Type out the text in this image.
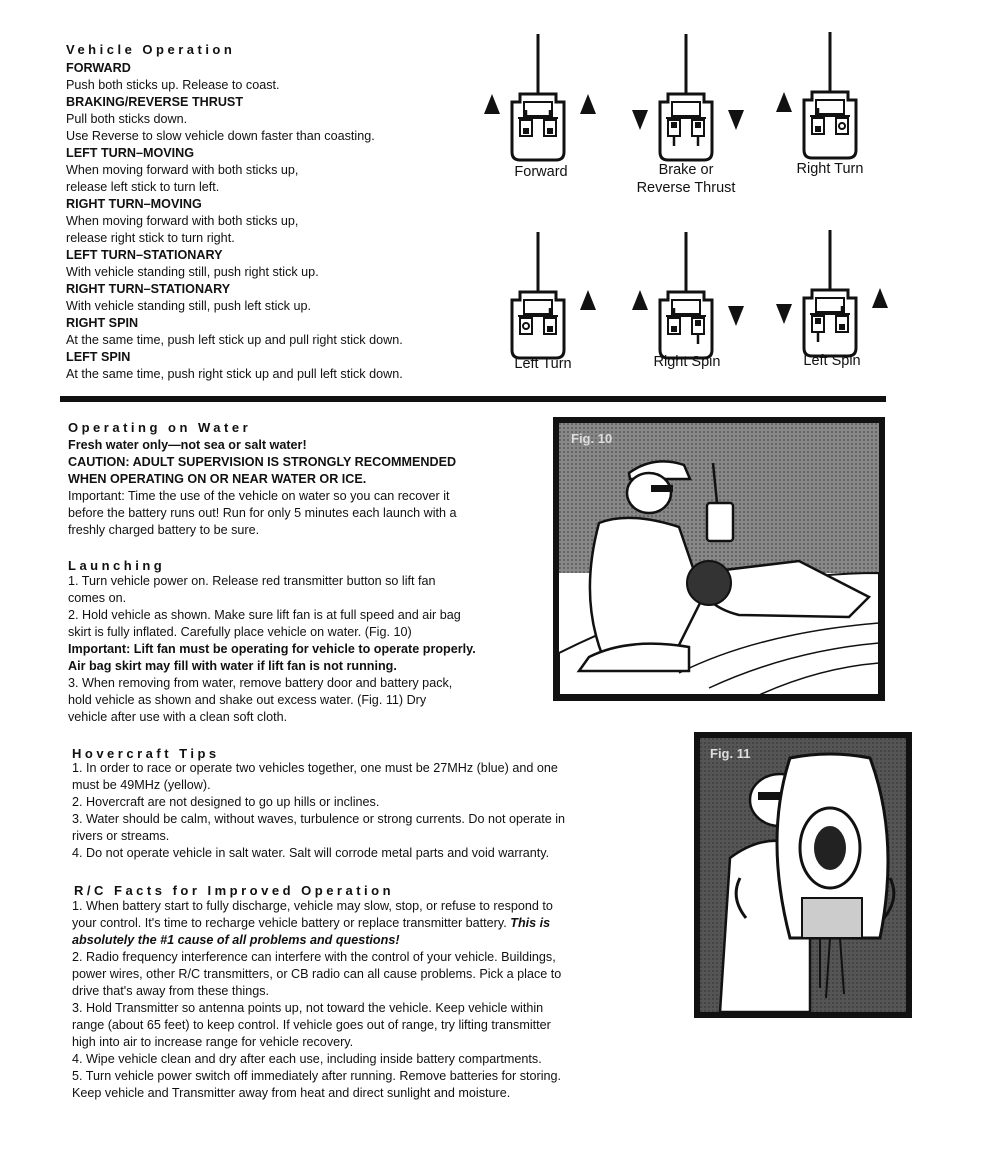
Vehicle Operation
FORWARD
Push both sticks up. Release to coast.
BRAKING/REVERSE THRUST
Pull both sticks down.
Use Reverse to slow vehicle down faster than coasting.
LEFT TURN–MOVING
When moving forward with both sticks up,
release left stick to turn left.
RIGHT TURN–MOVING
When moving forward with both sticks up,
release right stick to turn right.
LEFT TURN–STATIONARY
With vehicle standing still, push right stick up.
RIGHT TURN–STATIONARY
With vehicle standing still, push left stick up.
RIGHT SPIN
At the same time, push left stick up and pull right stick down.
LEFT SPIN
At the same time, push right stick up and pull left stick down.
Forward	Brake or
Reverse Thrust
Right Turn
Left Turn	Right Spin	Left Spin
Operating on Water
Fresh water only—not sea or salt water!
CAUTION: ADULT SUPERVISION IS STRONGLY RECOMMENDED
WHEN OPERATING ON OR NEAR WATER OR ICE.
Important: Time the use of the vehicle on water so you can recover it
before the battery runs out! Run for only 5 minutes each launch with a
freshly charged battery to be sure.
Launching
1. Turn vehicle power on. Release red transmitter button so lift fan
comes on.
2. Hold vehicle as shown. Make sure lift fan is at full speed and air bag
skirt is fully inflated. Carefully place vehicle on water. (Fig. 10)
Important: Lift fan must be operating for vehicle to operate properly.
Air bag skirt may fill with water if lift fan is not running.
3. When removing from water, remove battery door and battery pack,
hold vehicle as shown and shake out excess water. (Fig. 11) Dry
vehicle after use with a clean soft cloth.
Fig. 10
Hovercraft Tips
1. In order to race or operate two vehicles together, one must be 27MHz (blue) and one
must be 49MHz (yellow).
2. Hovercraft are not designed to go up hills or inclines.
3. Water should be calm, without waves, turbulence or strong currents. Do not operate in
rivers or streams.
4. Do not operate vehicle in salt water. Salt will corrode metal parts and void warranty.
Fig. 11
R/C Facts for Improved Operation
1. When battery start to fully discharge, vehicle may slow, stop, or refuse to respond to
your control. It's time to recharge vehicle battery or replace transmitter battery. This is
absolutely the #1 cause of all problems and questions!
2. Radio frequency interference can interfere with the control of your vehicle. Buildings,
power wires, other R/C transmitters, or CB radio can all cause problems. Pick a place to
drive that's away from these things.
3. Hold Transmitter so antenna points up, not toward the vehicle. Keep vehicle within
range (about 65 feet) to keep control. If vehicle goes out of range, try lifting transmitter
high into air to increase range for vehicle recovery.
4. Wipe vehicle clean and dry after each use, including inside battery compartments.
5. Turn vehicle power switch off immediately after running. Remove batteries for storing.
Keep vehicle and Transmitter away from heat and direct sunlight and moisture.
